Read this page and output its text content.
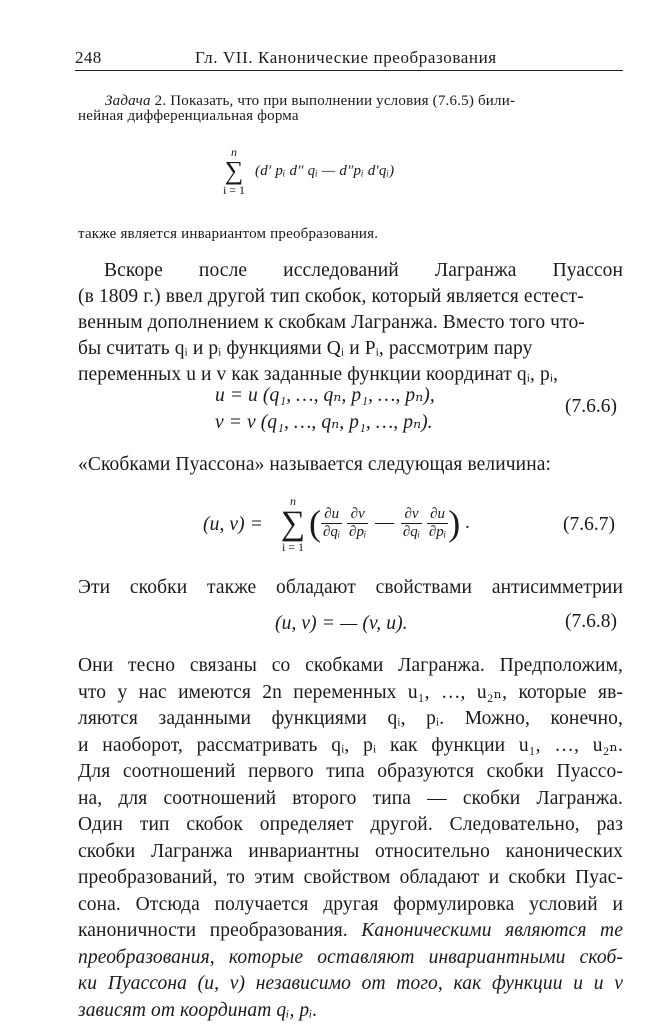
248	Гл. VII. Канонические преобразования
Задача 2. Показать, что при выполнении условия (7.6.5) били-
нейная дифференциальная форма
n
∑
i = 1
(d′ pᵢ d″ qᵢ — d″pᵢ d′qᵢ)
также является инвариантом преобразования.
Вскоре после исследований Лагранжа Пуассон
(в 1809 г.) ввел другой тип скобок, который является естест-
венным дополнением к скобкам Лагранжа. Вместо того что-
бы считать qᵢ и pᵢ функциями Qᵢ и Pᵢ, рассмотрим пару
переменных u и v как заданные функции координат qᵢ, pᵢ,
u = u (q₁, …, qₙ, p₁, …, pₙ),
v = v (q₁, …, qₙ, p₁, …, pₙ).
(7.6.6)
«Скобками Пуассона» называется следующая величина:
(u, v) =
n
∑
i = 1
( $\frac{\partial u}{\text{∂qᵢ}}$
$\frac{\partial v}{\text{∂pᵢ}}$ — $\frac{\partial v}{\text{∂qᵢ}}$
$\frac{\partial u}{\text{∂pᵢ}}$ ) .	(7.6.7)
Эти скобки также обладают свойствами антисимметрии
(u, v) = — (v, u).	(7.6.8)
Они тесно связаны со скобками Лагранжа. Предположим,
что у нас имеются 2n переменных u₁, …, u₂ₙ, которые яв-
ляются заданными функциями qᵢ, pᵢ. Можно, конечно,
и наоборот, рассматривать qᵢ, pᵢ как функции u₁, …, u₂ₙ.
Для соотношений первого типа образуются скобки Пуассо-
на, для соотношений второго типа — скобки Лагранжа.
Один тип скобок определяет другой. Следовательно, раз
скобки Лагранжа инвариантны относительно канонических
преобразований, то этим свойством обладают и скобки Пуас-
сона. Отсюда получается другая формулировка условий и
каноничности преобразования. Каноническими являются те
преобразования, которые оставляют инвариантными скоб-
ки Пуассона (u, v) независимо от того, как функции u и v
зависят от координат qᵢ, pᵢ.
